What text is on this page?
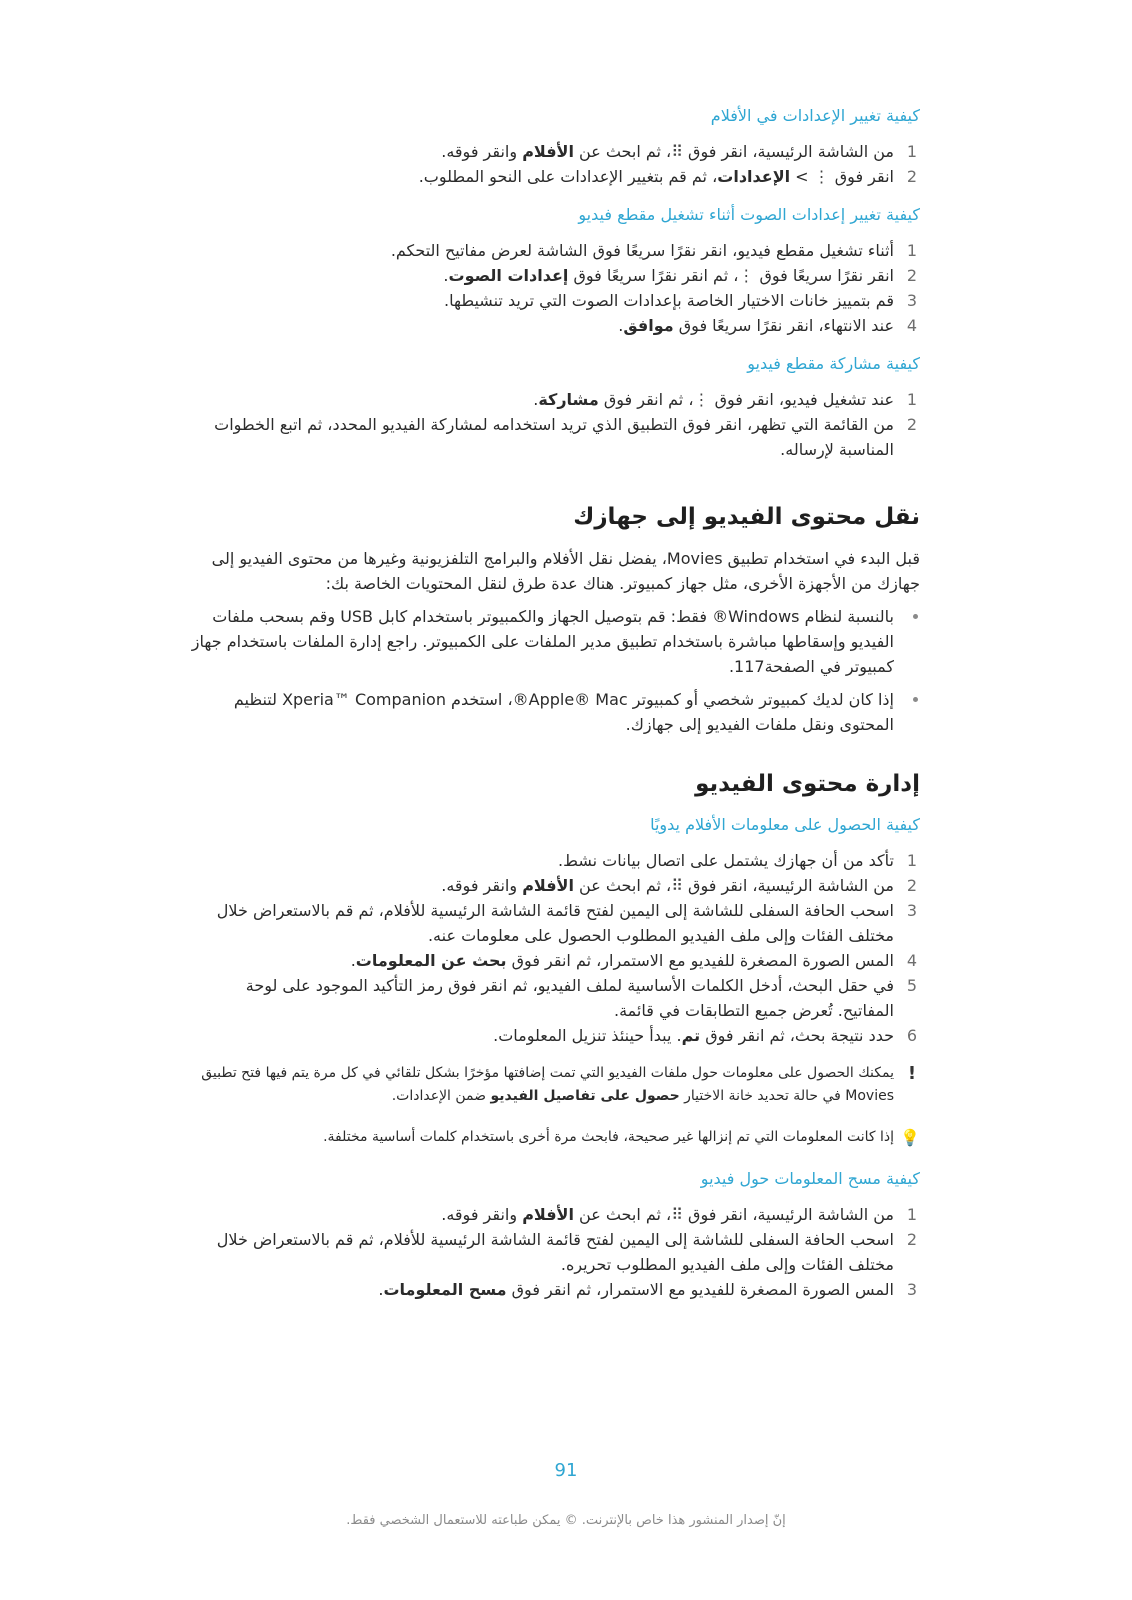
كيفية تغيير الإعدادات في الأفلام
1
من الشاشة الرئيسية، انقر فوق ⠿، ثم ابحث عن الأفلام وانقر فوقه.
2
انقر فوق ⋮ > الإعدادات، ثم قم بتغيير الإعدادات على النحو المطلوب.
كيفية تغيير إعدادات الصوت أثناء تشغيل مقطع فيديو
1
أثناء تشغيل مقطع فيديو، انقر نقرًا سريعًا فوق الشاشة لعرض مفاتيح التحكم.
2
انقر نقرًا سريعًا فوق ⋮، ثم انقر نقرًا سريعًا فوق إعدادات الصوت.
3
قم بتمييز خانات الاختيار الخاصة بإعدادات الصوت التي تريد تنشيطها.
4
عند الانتهاء، انقر نقرًا سريعًا فوق موافق.
كيفية مشاركة مقطع فيديو
1
عند تشغيل فيديو، انقر فوق ⋮، ثم انقر فوق مشاركة.
2
من القائمة التي تظهر، انقر فوق التطبيق الذي تريد استخدامه لمشاركة الفيديو المحدد، ثم اتبع الخطوات المناسبة لإرساله.
نقل محتوى الفيديو إلى جهازك
قبل البدء في استخدام تطبيق Movies، يفضل نقل الأفلام والبرامج التلفزيونية وغيرها من محتوى الفيديو إلى جهازك من الأجهزة الأخرى، مثل جهاز كمبيوتر. هناك عدة طرق لنقل المحتويات الخاصة بك:
بالنسبة لنظام Windows® فقط: قم بتوصيل الجهاز والكمبيوتر باستخدام كابل USB وقم بسحب ملفات الفيديو وإسقاطها مباشرة باستخدام تطبيق مدير الملفات على الكمبيوتر. راجع إدارة الملفات باستخدام جهاز كمبيوتر في الصفحة117.
إذا كان لديك كمبيوتر شخصي أو كمبيوتر Apple® Mac®، استخدم Xperia™ Companion لتنظيم المحتوى ونقل ملفات الفيديو إلى جهازك.
إدارة محتوى الفيديو
كيفية الحصول على معلومات الأفلام يدويًا
1
تأكد من أن جهازك يشتمل على اتصال بيانات نشط.
2
من الشاشة الرئيسية، انقر فوق ⠿، ثم ابحث عن الأفلام وانقر فوقه.
3
اسحب الحافة السفلى للشاشة إلى اليمين لفتح قائمة الشاشة الرئيسية للأفلام، ثم قم بالاستعراض خلال مختلف الفئات وإلى ملف الفيديو المطلوب الحصول على معلومات عنه.
4
المس الصورة المصغرة للفيديو مع الاستمرار، ثم انقر فوق بحث عن المعلومات.
5
في حقل البحث، أدخل الكلمات الأساسية لملف الفيديو، ثم انقر فوق رمز التأكيد الموجود على لوحة المفاتيح. تُعرض جميع التطابقات في قائمة.
6
حدد نتيجة بحث، ثم انقر فوق تم. يبدأ حينئذ تنزيل المعلومات.
!
يمكنك الحصول على معلومات حول ملفات الفيديو التي تمت إضافتها مؤخرًا بشكل تلقائي في كل مرة يتم فيها فتح تطبيق Movies في حالة تحديد خانة الاختيار حصول على تفاصيل الفيديو ضمن الإعدادات.
💡
إذا كانت المعلومات التي تم إنزالها غير صحيحة، فابحث مرة أخرى باستخدام كلمات أساسية مختلفة.
كيفية مسح المعلومات حول فيديو
1
من الشاشة الرئيسية، انقر فوق ⠿، ثم ابحث عن الأفلام وانقر فوقه.
2
اسحب الحافة السفلى للشاشة إلى اليمين لفتح قائمة الشاشة الرئيسية للأفلام، ثم قم بالاستعراض خلال مختلف الفئات وإلى ملف الفيديو المطلوب تحريره.
3
المس الصورة المصغرة للفيديو مع الاستمرار، ثم انقر فوق مسح المعلومات.
91
إنّ إصدار المنشور هذا خاص بالإنترنت. © يمكن طباعته للاستعمال الشخصي فقط.
